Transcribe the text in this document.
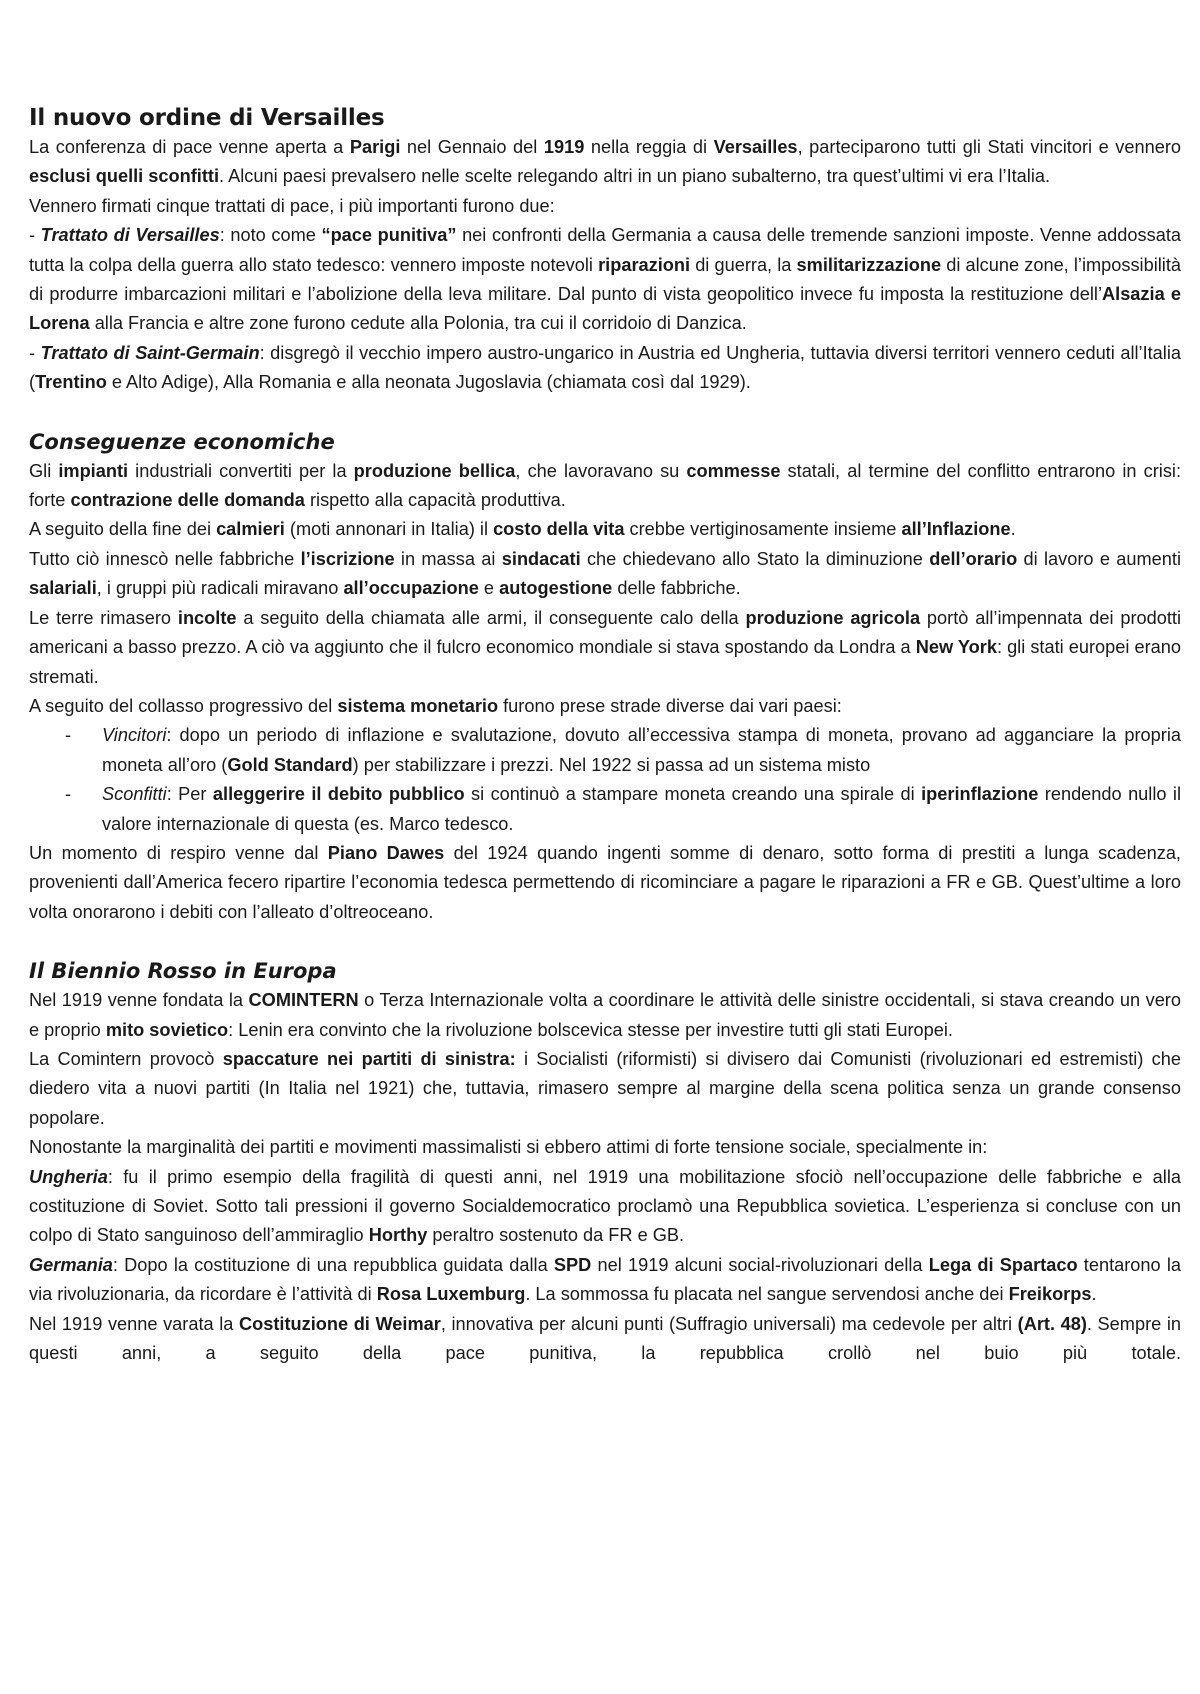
Il nuovo ordine di Versailles

La conferenza di pace venne aperta a Parigi nel Gennaio del 1919 nella reggia di Versailles, parteciparono tutti gli Stati vincitori e vennero esclusi quelli sconfitti. Alcuni paesi prevalsero nelle scelte relegando altri in un piano subalterno, tra quest’ultimi vi era l’Italia.

Vennero firmati cinque trattati di pace, i più importanti furono due:

- Trattato di Versailles: noto come “pace punitiva” nei confronti della Germania a causa delle tremende sanzioni imposte. Venne addossata tutta la colpa della guerra allo stato tedesco: vennero imposte notevoli riparazioni di guerra, la smilitarizzazione di alcune zone, l’impossibilità di produrre imbarcazioni militari e l’abolizione della leva militare. Dal punto di vista geopolitico invece fu imposta la restituzione dell’Alsazia e Lorena alla Francia e altre zone furono cedute alla Polonia, tra cui il corridoio di Danzica.

- Trattato di Saint-Germain: disgregò il vecchio impero austro-ungarico in Austria ed Ungheria, tuttavia diversi territori vennero ceduti all’Italia (Trentino e Alto Adige), Alla Romania e alla neonata Jugoslavia (chiamata così dal 1929).

Conseguenze economiche

Gli impianti industriali convertiti per la produzione bellica, che lavoravano su commesse statali, al termine del conflitto entrarono in crisi: forte contrazione delle domanda rispetto alla capacità produttiva.

A seguito della fine dei calmieri (moti annonari in Italia) il costo della vita crebbe vertiginosamente insieme all’Inflazione.

Tutto ciò innescò nelle fabbriche l’iscrizione in massa ai sindacati che chiedevano allo Stato la diminuzione dell’orario di lavoro e aumenti salariali, i gruppi più radicali miravano all’occupazione e autogestione delle fabbriche.

Le terre rimasero incolte a seguito della chiamata alle armi, il conseguente calo della produzione agricola portò all’impennata dei prodotti americani a basso prezzo. A ciò va aggiunto che il fulcro economico mondiale si stava spostando da Londra a New York: gli stati europei erano stremati.

A seguito del collasso progressivo del sistema monetario furono prese strade diverse dai vari paesi:

- Vincitori: dopo un periodo di inflazione e svalutazione, dovuto all’eccessiva stampa di moneta, provano ad agganciare la propria moneta all’oro (Gold Standard) per stabilizzare i prezzi. Nel 1922 si passa ad un sistema misto

- Sconfitti: Per alleggerire il debito pubblico si continuò a stampare moneta creando una spirale di iperinflazione rendendo nullo il valore internazionale di questa (es. Marco tedesco.

Un momento di respiro venne dal Piano Dawes del 1924 quando ingenti somme di denaro, sotto forma di prestiti a lunga scadenza, provenienti dall’America fecero ripartire l’economia tedesca permettendo di ricominciare a pagare le riparazioni a FR e GB. Quest’ultime a loro volta onorarono i debiti con l’alleato d’oltreoceano.

Il Biennio Rosso in Europa

Nel 1919 venne fondata la COMINTERN o Terza Internazionale volta a coordinare le attività delle sinistre occidentali, si stava creando un vero e proprio mito sovietico: Lenin era convinto che la rivoluzione bolscevica stesse per investire tutti gli stati Europei.

La Comintern provocò spaccature nei partiti di sinistra: i Socialisti (riformisti) si divisero dai Comunisti (rivoluzionari ed estremisti) che diedero vita a nuovi partiti (In Italia nel 1921) che, tuttavia, rimasero sempre al margine della scena politica senza un grande consenso popolare.

Nonostante la marginalità dei partiti e movimenti massimalisti si ebbero attimi di forte tensione sociale, specialmente in:

Ungheria: fu il primo esempio della fragilità di questi anni, nel 1919 una mobilitazione sfociò nell’occupazione delle fabbriche e alla costituzione di Soviet. Sotto tali pressioni il governo Socialdemocratico proclamò una Repubblica sovietica. L’esperienza si concluse con un colpo di Stato sanguinoso dell’ammiraglio Horthy peraltro sostenuto da FR e GB.

Germania: Dopo la costituzione di una repubblica guidata dalla SPD nel 1919 alcuni social-rivoluzionari della Lega di Spartaco tentarono la via rivoluzionaria, da ricordare è l’attività di Rosa Luxemburg. La sommossa fu placata nel sangue servendosi anche dei Freikorps.

Nel 1919 venne varata la Costituzione di Weimar, innovativa per alcuni punti (Suffragio universali) ma cedevole per altri (Art. 48). Sempre in questi anni, a seguito della pace punitiva, la repubblica crollò nel buio più totale.
